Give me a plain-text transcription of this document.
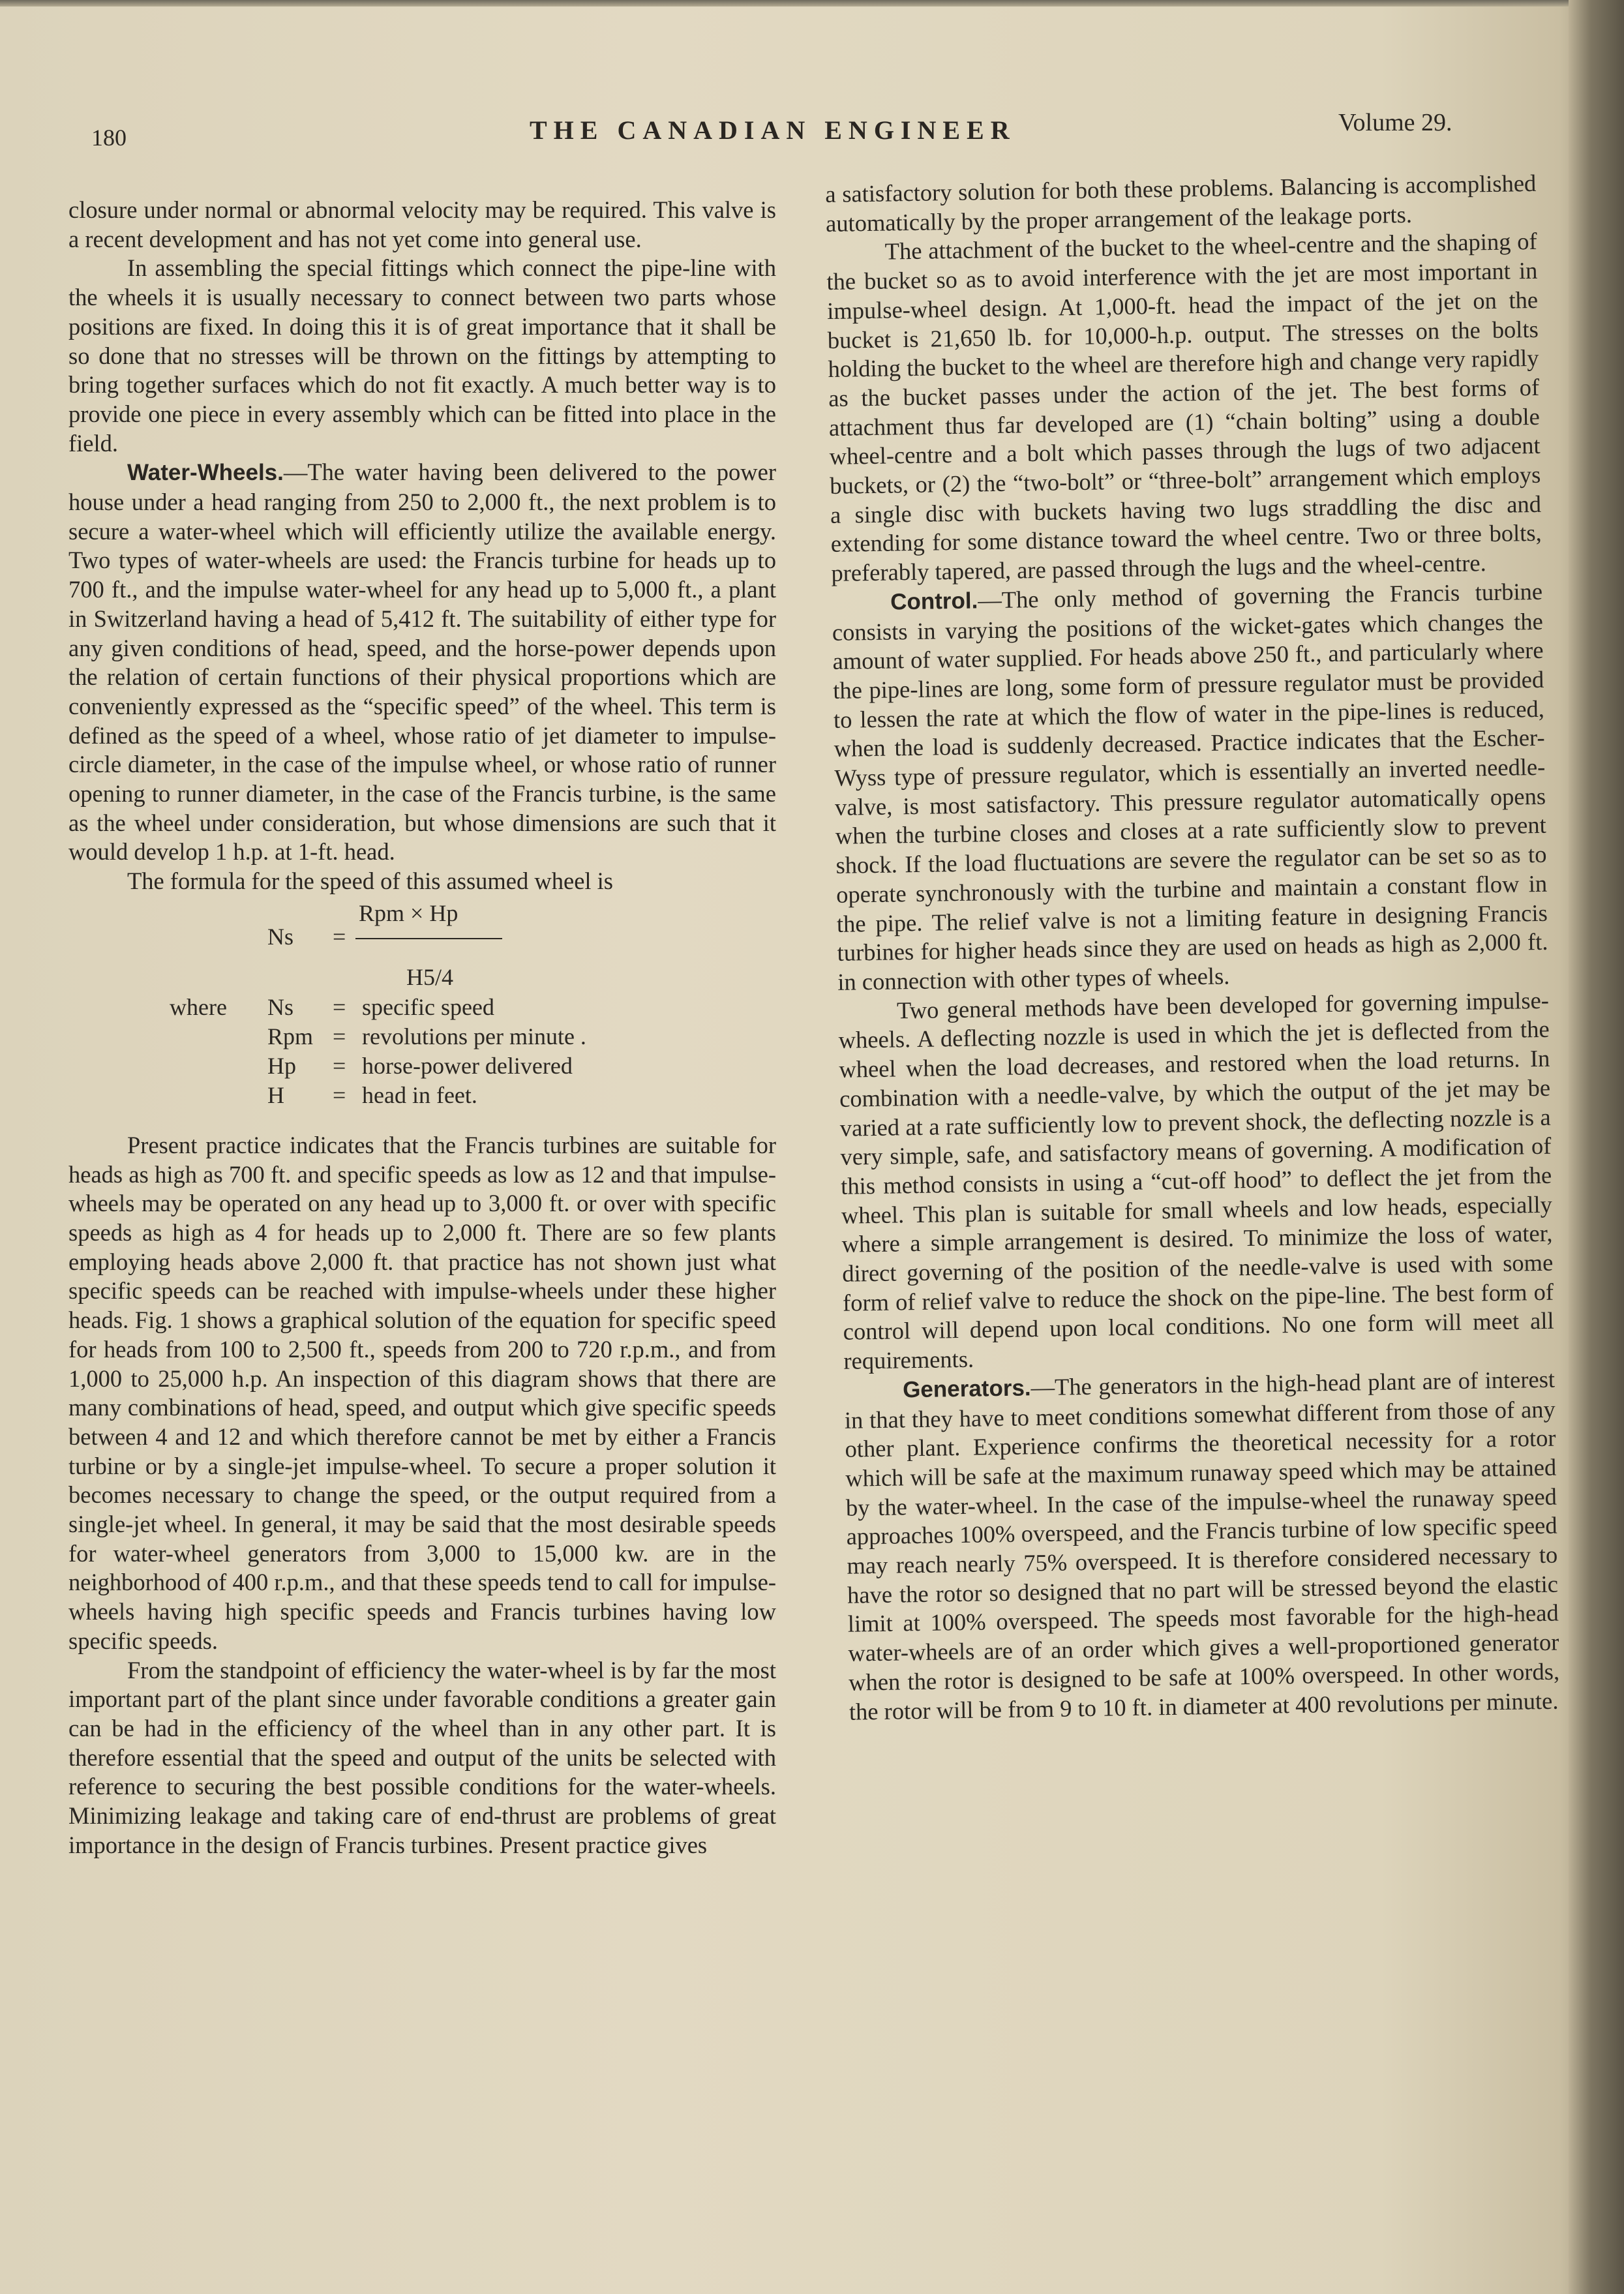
180	THE CANADIAN ENGINEER	Volume 29.

closure under normal or abnormal velocity may be required. This valve is a recent development and has not yet come into general use.

In assembling the special fittings which connect the pipe-line with the wheels it is usually necessary to connect between two parts whose positions are fixed. In doing this it is of great importance that it shall be so done that no stresses will be thrown on the fittings by attempting to bring together surfaces which do not fit exactly. A much better way is to provide one piece in every assembly which can be fitted into place in the field.

Water-Wheels.—The water having been delivered to the power house under a head ranging from 250 to 2,000 ft., the next problem is to secure a water-wheel which will efficiently utilize the available energy. Two types of water-wheels are used: the Francis turbine for heads up to 700 ft., and the impulse water-wheel for any head up to 5,000 ft., a plant in Switzerland having a head of 5,412 ft. The suitability of either type for any given conditions of head, speed, and the horse-power depends upon the relation of certain functions of their physical proportions which are conveniently expressed as the “specific speed” of the wheel. This term is defined as the speed of a wheel, whose ratio of jet diameter to impulse-circle diameter, in the case of the impulse wheel, or whose ratio of runner opening to runner diameter, in the case of the Francis turbine, is the same as the wheel under consideration, but whose dimensions are such that it would develop 1 h.p. at 1-ft. head.

The formula for the speed of this assumed wheel is

Rpm × Hp
Ns =
H5/4
where Ns = specific speed
Rpm = revolutions per minute .
Hp = horse-power delivered
H = head in feet.

Present practice indicates that the Francis turbines are suitable for heads as high as 700 ft. and specific speeds as low as 12 and that impulse-wheels may be operated on any head up to 3,000 ft. or over with specific speeds as high as 4 for heads up to 2,000 ft. There are so few plants employing heads above 2,000 ft. that practice has not shown just what specific speeds can be reached with impulse-wheels under these higher heads. Fig. 1 shows a graphical solution of the equation for specific speed for heads from 100 to 2,500 ft., speeds from 200 to 720 r.p.m., and from 1,000 to 25,000 h.p. An inspection of this diagram shows that there are many combinations of head, speed, and output which give specific speeds between 4 and 12 and which therefore cannot be met by either a Francis turbine or by a single-jet impulse-wheel. To secure a proper solution it becomes necessary to change the speed, or the output required from a single-jet wheel. In general, it may be said that the most desirable speeds for water-wheel generators from 3,000 to 15,000 kw. are in the neighborhood of 400 r.p.m., and that these speeds tend to call for impulse-wheels having high specific speeds and Francis turbines having low specific speeds.

From the standpoint of efficiency the water-wheel is by far the most important part of the plant since under favorable conditions a greater gain can be had in the efficiency of the wheel than in any other part. It is therefore essential that the speed and output of the units be selected with reference to securing the best possible conditions for the water-wheels. Minimizing leakage and taking care of end-thrust are problems of great importance in the design of Francis turbines. Present practice gives

a satisfactory solution for both these problems. Balancing is accomplished automatically by the proper arrangement of the leakage ports.

The attachment of the bucket to the wheel-centre and the shaping of the bucket so as to avoid interference with the jet are most important in impulse-wheel design. At 1,000-ft. head the impact of the jet on the bucket is 21,650 lb. for 10,000-h.p. output. The stresses on the bolts holding the bucket to the wheel are therefore high and change very rapidly as the bucket passes under the action of the jet. The best forms of attachment thus far developed are (1) “chain bolting” using a double wheel-centre and a bolt which passes through the lugs of two adjacent buckets, or (2) the “two-bolt” or “three-bolt” arrangement which employs a single disc with buckets having two lugs straddling the disc and extending for some distance toward the wheel centre. Two or three bolts, preferably tapered, are passed through the lugs and the wheel-centre.

Control.—The only method of governing the Francis turbine consists in varying the positions of the wicket-gates which changes the amount of water supplied. For heads above 250 ft., and particularly where the pipe-lines are long, some form of pressure regulator must be provided to lessen the rate at which the flow of water in the pipe-lines is reduced, when the load is suddenly decreased. Practice indicates that the Escher-Wyss type of pressure regulator, which is essentially an inverted needle-valve, is most satisfactory. This pressure regulator automatically opens when the turbine closes and closes at a rate sufficiently slow to prevent shock. If the load fluctuations are severe the regulator can be set so as to operate synchronously with the turbine and maintain a constant flow in the pipe. The relief valve is not a limiting feature in designing Francis turbines for higher heads since they are used on heads as high as 2,000 ft. in connection with other types of wheels.

Two general methods have been developed for governing impulse-wheels. A deflecting nozzle is used in which the jet is deflected from the wheel when the load decreases, and restored when the load returns. In combination with a needle-valve, by which the output of the jet may be varied at a rate sufficiently low to prevent shock, the deflecting nozzle is a very simple, safe, and satisfactory means of governing. A modification of this method consists in using a “cut-off hood” to deflect the jet from the wheel. This plan is suitable for small wheels and low heads, especially where a simple arrangement is desired. To minimize the loss of water, direct governing of the position of the needle-valve is used with some form of relief valve to reduce the shock on the pipe-line. The best form of control will depend upon local conditions. No one form will meet all requirements.

Generators.—The generators in the high-head plant are of interest in that they have to meet conditions somewhat different from those of any other plant. Experience confirms the theoretical necessity for a rotor which will be safe at the maximum runaway speed which may be attained by the water-wheel. In the case of the impulse-wheel the runaway speed approaches 100% overspeed, and the Francis turbine of low specific speed may reach nearly 75% overspeed. It is therefore considered necessary to have the rotor so designed that no part will be stressed beyond the elastic limit at 100% overspeed. The speeds most favorable for the high-head water-wheels are of an order which gives a well-proportioned generator when the rotor is designed to be safe at 100% overspeed. In other words, the rotor will be from 9 to 10 ft. in diameter at 400 revolutions per minute.
